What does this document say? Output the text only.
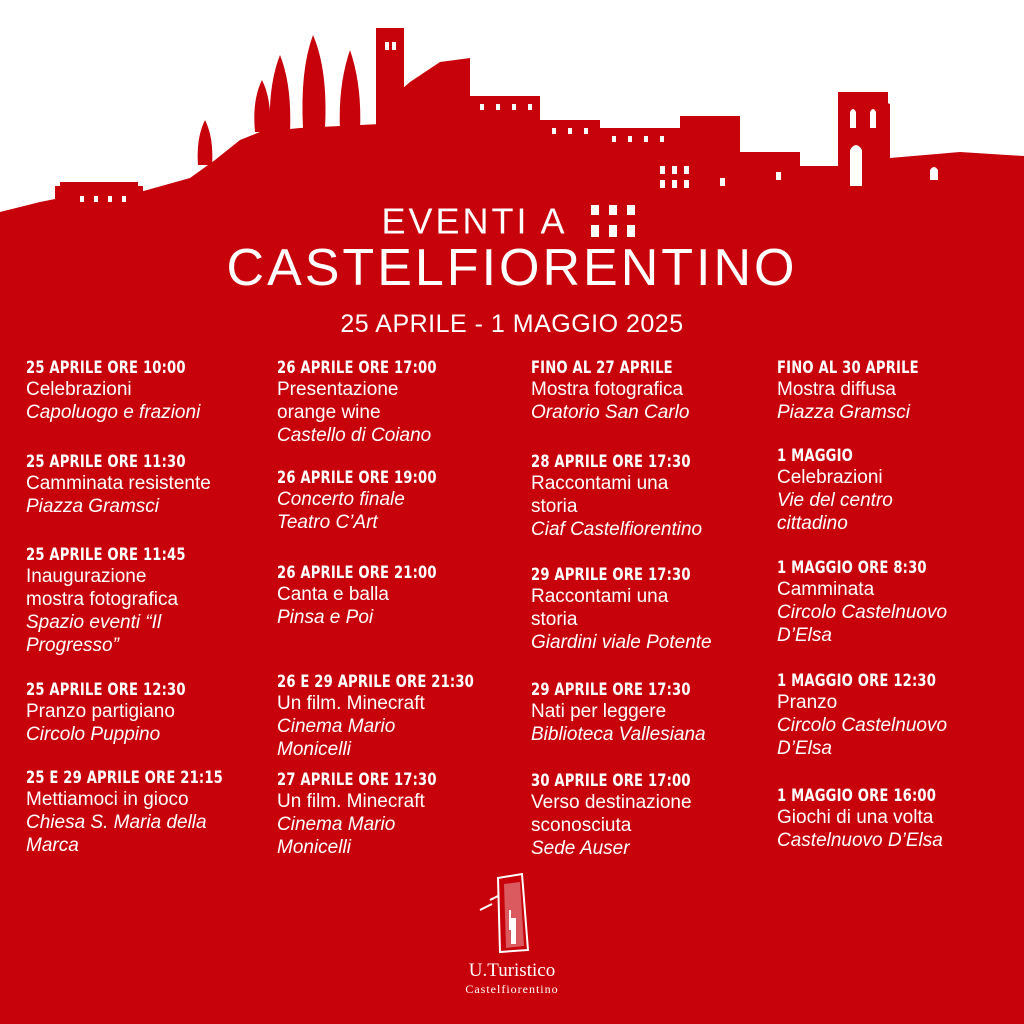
EVENTI A
CASTELFIORENTINO
25 APRILE - 1 MAGGIO 2025
25 APRILE ORE 10:00
Celebrazioni
Capoluogo e frazioni
25 APRILE ORE 11:30
Camminata resistente
Piazza Gramsci
25 APRILE ORE 11:45
Inaugurazione
mostra fotografica
Spazio eventi “Il
Progresso”
25 APRILE ORE 12:30
Pranzo partigiano
Circolo Puppino
25 E 29 APRILE ORE 21:15
Mettiamoci in gioco
Chiesa S. Maria della
Marca
26 APRILE ORE 17:00
Presentazione
orange wine
Castello di Coiano
26 APRILE ORE 19:00
Concerto finale
Teatro C’Art
26 APRILE ORE 21:00
Canta e balla
Pinsa e Poi
26 E 29 APRILE ORE 21:30
Un film. Minecraft
Cinema Mario
Monicelli
27 APRILE ORE 17:30
Un film. Minecraft
Cinema Mario
Monicelli
FINO AL 27 APRILE
Mostra fotografica
Oratorio San Carlo
28 APRILE ORE 17:30
Raccontami una
storia
Ciaf Castelfiorentino
29 APRILE ORE 17:30
Raccontami una
storia
Giardini viale Potente
29 APRILE ORE 17:30
Nati per leggere
Biblioteca Vallesiana
30 APRILE ORE 17:00
Verso destinazione
sconosciuta
Sede Auser
FINO AL 30 APRILE
Mostra diffusa
Piazza Gramsci
1 MAGGIO
Celebrazioni
Vie del centro
cittadino
1 MAGGIO ORE 8:30
Camminata
Circolo Castelnuovo
D’Elsa
1 MAGGIO ORE 12:30
Pranzo
Circolo Castelnuovo
D’Elsa
1 MAGGIO ORE 16:00
Giochi di una volta
Castelnuovo D’Elsa
U.Turistico
Castelfiorentino
